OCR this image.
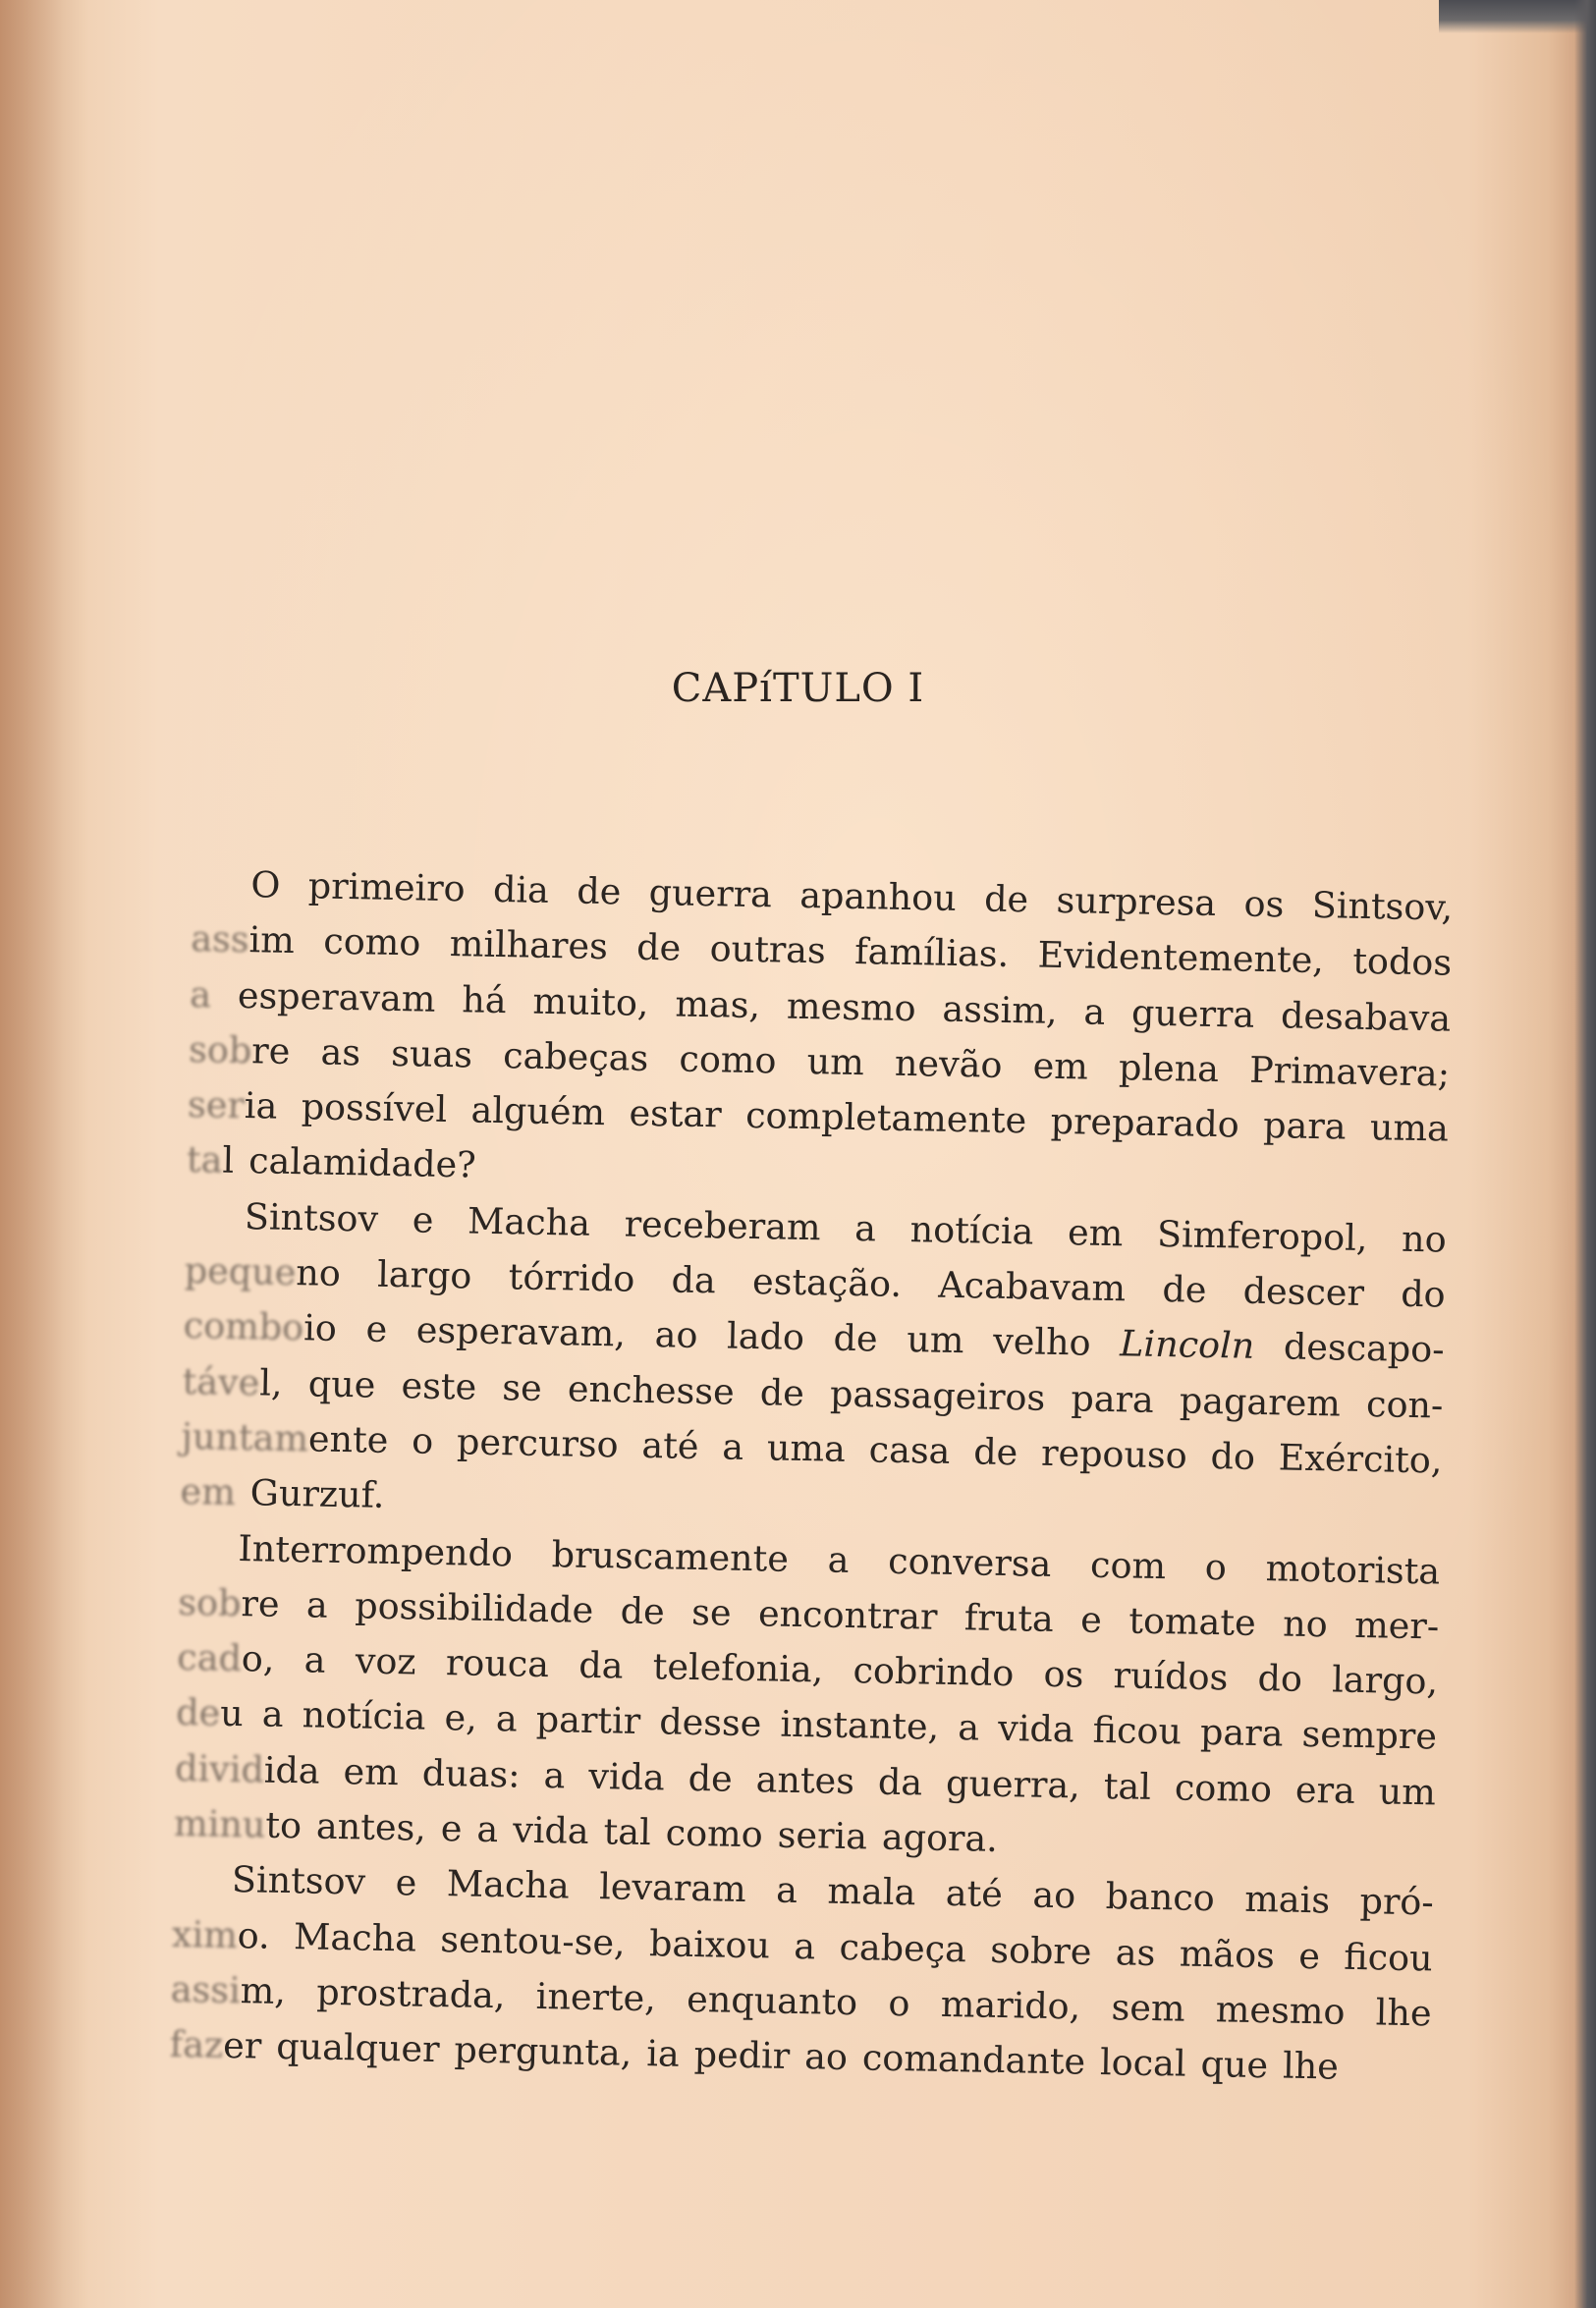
CAPíTULO I
O primeiro dia de guerra apanhou de surpresa os Sintsov,
assim como milhares de outras famílias. Evidentemente, todos
a esperavam há muito, mas, mesmo assim, a guerra desabava
sobre as suas cabeças como um nevão em plena Primavera;
seria possível alguém estar completamente preparado para uma
tal calamidade?
Sintsov e Macha receberam a notícia em Simferopol, no
pequeno largo tórrido da estação. Acabavam de descer do
comboio e esperavam, ao lado de um velho Lincoln descapo-
tável, que este se enchesse de passageiros para pagarem con-
juntamente o percurso até a uma casa de repouso do Exército,
em Gurzuf.
Interrompendo bruscamente a conversa com o motorista
sobre a possibilidade de se encontrar fruta e tomate no mer-
cado, a voz rouca da telefonia, cobrindo os ruídos do largo,
deu a notícia e, a partir desse instante, a vida ficou para sempre
dividida em duas: a vida de antes da guerra, tal como era um
minuto antes, e a vida tal como seria agora.
Sintsov e Macha levaram a mala até ao banco mais pró-
ximo. Macha sentou-se, baixou a cabeça sobre as mãos e ficou
assim, prostrada, inerte, enquanto o marido, sem mesmo lhe
fazer qualquer pergunta, ia pedir ao comandante local que lhe
